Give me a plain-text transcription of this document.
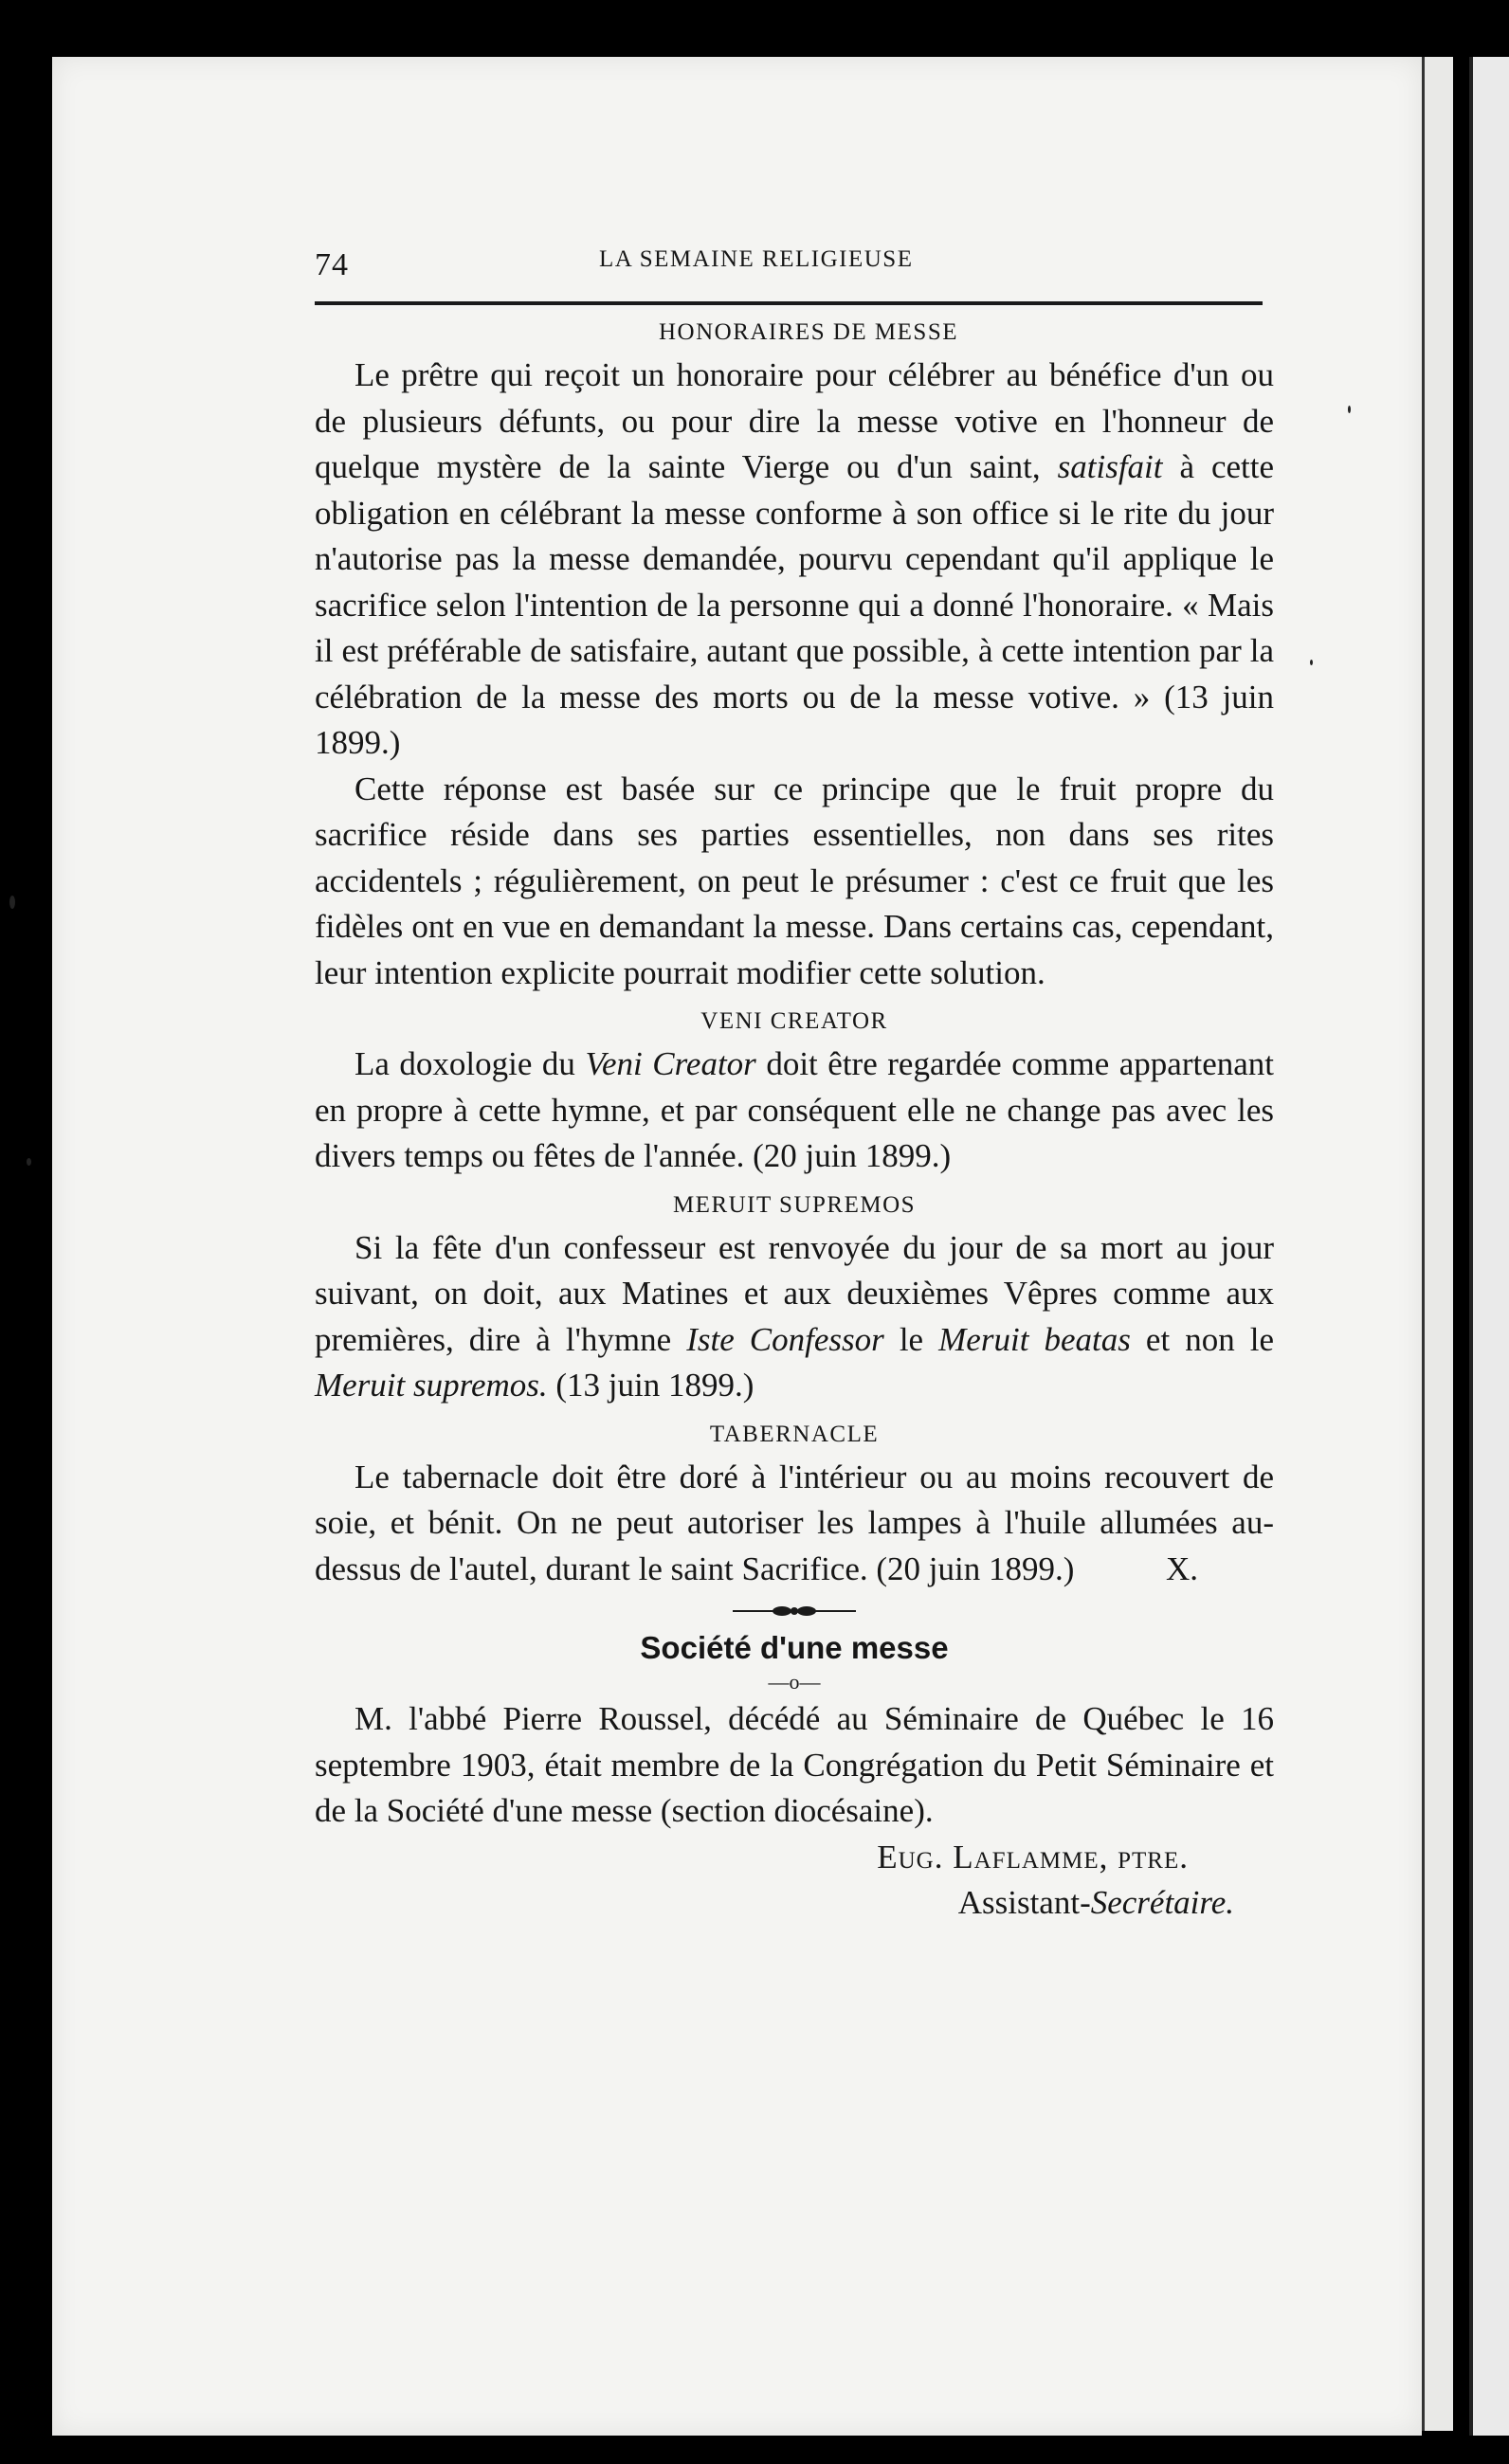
74	LA SEMAINE RELIGIEUSE
HONORAIRES DE MESSE

Le prêtre qui reçoit un honoraire pour célébrer au bénéfice d'un ou de plusieurs défunts, ou pour dire la messe votive en l'honneur de quelque mystère de la sainte Vierge ou d'un saint, satisfait à cette obligation en célébrant la messe conforme à son office si le rite du jour n'autorise pas la messe demandée, pourvu cependant qu'il applique le sacrifice selon l'intention de la personne qui a donné l'honoraire. « Mais il est préférable de satisfaire, autant que possible, à cette intention par la célébration de la messe des morts ou de la messe votive. » (13 juin 1899.)

Cette réponse est basée sur ce principe que le fruit propre du sacrifice réside dans ses parties essentielles, non dans ses rites accidentels ; régulièrement, on peut le présumer : c'est ce fruit que les fidèles ont en vue en demandant la messe. Dans certains cas, cependant, leur intention explicite pourrait modifier cette solution.

VENI CREATOR

La doxologie du Veni Creator doit être regardée comme appartenant en propre à cette hymne, et par conséquent elle ne change pas avec les divers temps ou fêtes de l'année. (20 juin 1899.)

MERUIT SUPREMOS

Si la fête d'un confesseur est renvoyée du jour de sa mort au jour suivant, on doit, aux Matines et aux deuxièmes Vêpres comme aux premières, dire à l'hymne Iste Confessor le Meruit beatas et non le Meruit supremos. (13 juin 1899.)

TABERNACLE

Le tabernacle doit être doré à l'intérieur ou au moins recouvert de soie, et bénit. On ne peut autoriser les lampes à l'huile allumées au-dessus de l'autel, durant le saint Sacrifice. (20 juin 1899.)	X.

Société d'une messe
—o—

M. l'abbé Pierre Roussel, décédé au Séminaire de Québec le 16 septembre 1903, était membre de la Congrégation du Petit Séminaire et de la Société d'une messe (section diocésaine).

Eug. Laflamme, ptre.
Assistant-Secrétaire.
